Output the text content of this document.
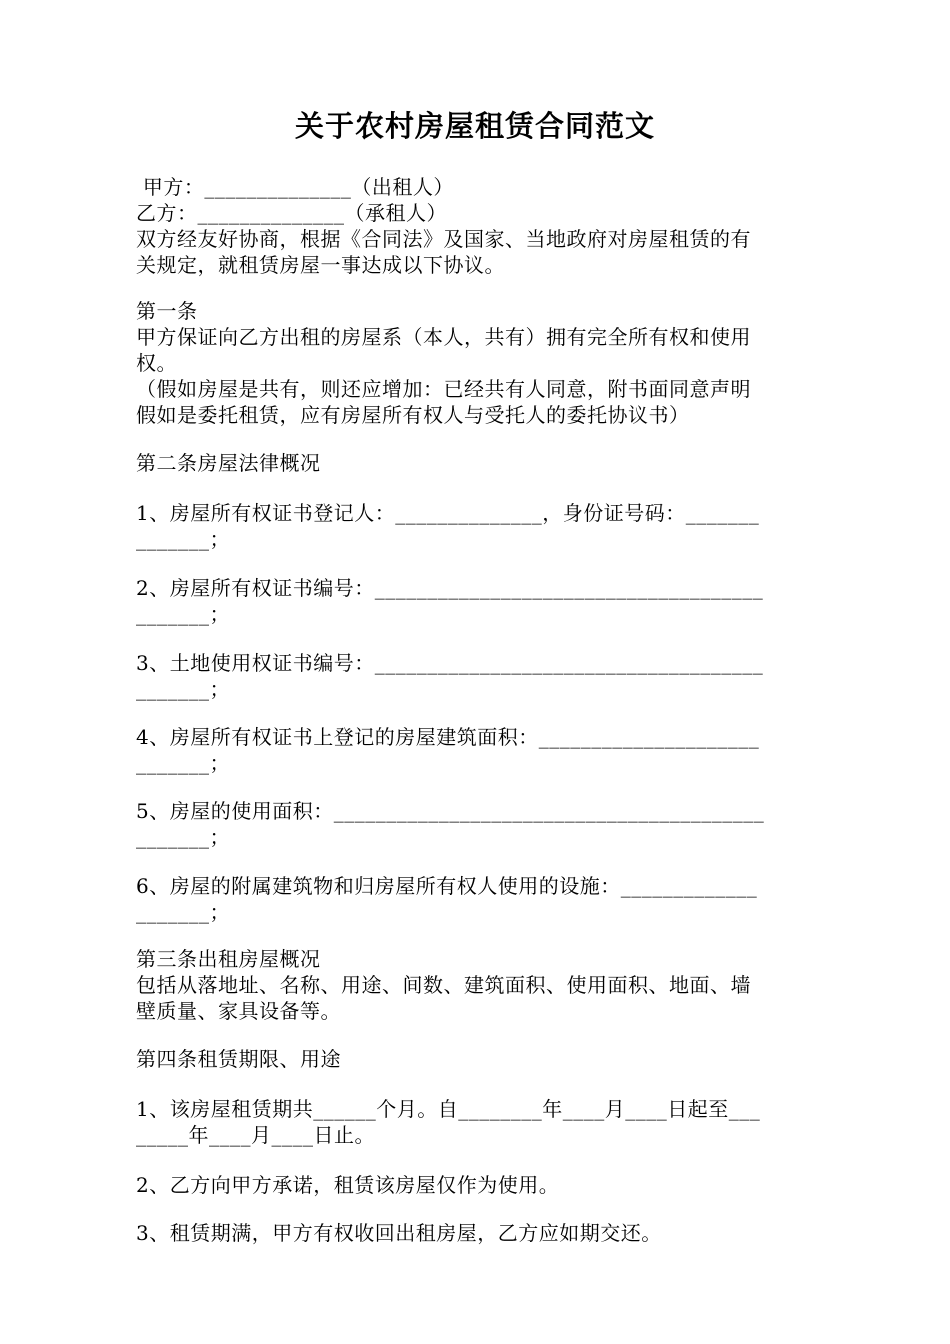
关于农村房屋租赁合同范文
甲方：______________（出租人）
乙方：______________（承租人）
双方经友好协商，根据《合同法》及国家、当地政府对房屋租赁的有
关规定，就租赁房屋一事达成以下协议。
第一条
甲方保证向乙方出租的房屋系（本人，共有）拥有完全所有权和使用
权。
（假如房屋是共有，则还应增加：已经共有人同意，附书面同意声明
假如是委托租赁，应有房屋所有权人与受托人的委托协议书）
第二条房屋法律概况
1、房屋所有权证书登记人：______________，身份证号码：_______
_______；
2、房屋所有权证书编号：_____________________________________
_______；
3、土地使用权证书编号：_____________________________________
_______；
4、房屋所有权证书上登记的房屋建筑面积：_____________________
_______；
5、房屋的使用面积：_________________________________________
_______；
6、房屋的附属建筑物和归房屋所有权人使用的设施：_____________
_______；
第三条出租房屋概况
包括从落地址、名称、用途、间数、建筑面积、使用面积、地面、墙
壁质量、家具设备等。
第四条租赁期限、用途
1、该房屋租赁期共______个月。自________年____月____日起至___
_____年____月____日止。
2、乙方向甲方承诺，租赁该房屋仅作为使用。
3、租赁期满，甲方有权收回出租房屋，乙方应如期交还。
